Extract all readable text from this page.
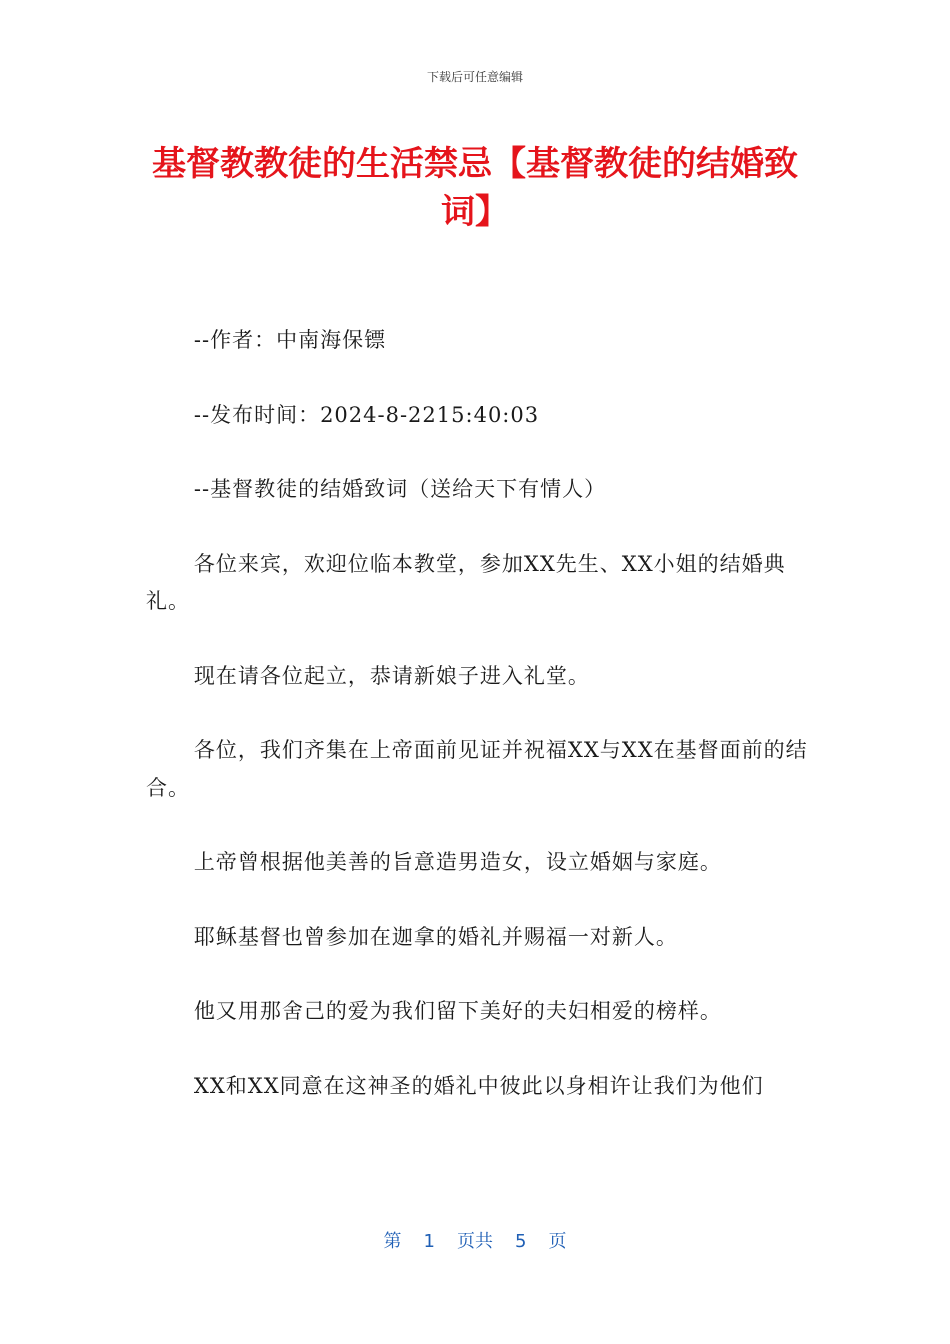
下载后可任意编辑
基督教教徒的生活禁忌【基督教徒的结婚致词】

--作者：中南海保镖

--发布时间：2024-8-2215:40:03

--基督教徒的结婚致词（送给天下有情人）

各位来宾，欢迎位临本教堂，参加XX先生、XX小姐的结婚典礼。

现在请各位起立，恭请新娘子进入礼堂。

各位，我们齐集在上帝面前见证并祝福XX与XX在基督面前的结合。

上帝曾根据他美善的旨意造男造女，设立婚姻与家庭。

耶稣基督也曾参加在迦拿的婚礼并赐福一对新人。

他又用那舍己的爱为我们留下美好的夫妇相爱的榜样。

XX和XX同意在这神圣的婚礼中彼此以身相许让我们为他们

第 1 页共 5 页
